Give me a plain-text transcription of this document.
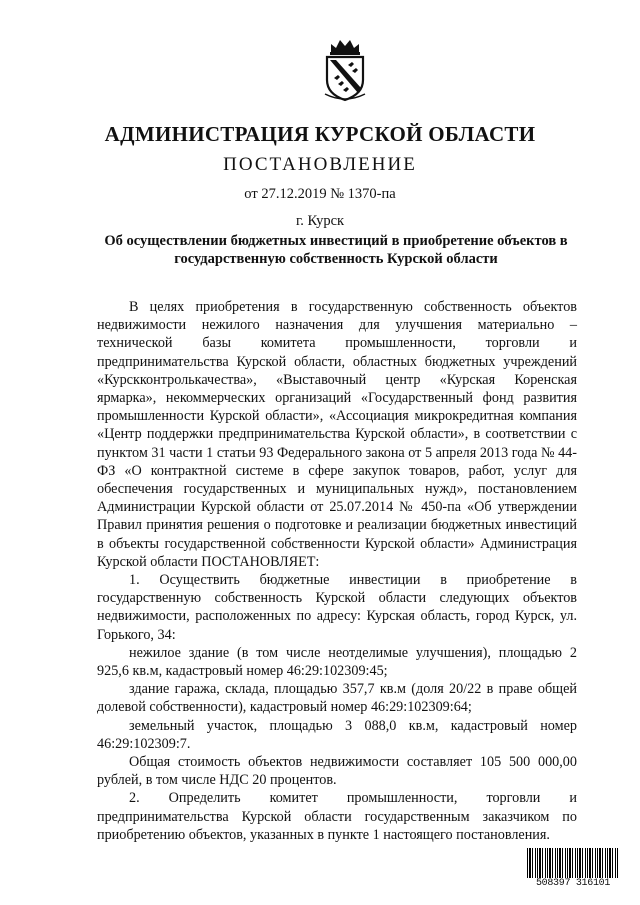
АДМИНИСТРАЦИЯ КУРСКОЙ ОБЛАСТИ
ПОСТАНОВЛЕНИЕ
от 27.12.2019 № 1370-па
г. Курск
Об осуществлении бюджетных инвестиций в приобретение объектов в государственную собственность Курской области

В целях приобретения в государственную собственность объектов недвижимости нежилого назначения для улучшения материально – технической базы комитета промышленности, торговли и предпринимательства Курской области, областных бюджетных учреждений «Курскконтролькачества», «Выставочный центр «Курская Коренская ярмарка», некоммерческих организаций «Государственный фонд развития промышленности Курской области», «Ассоциация микрокредитная компания «Центр поддержки предпринимательства Курской области», в соответствии с пунктом 31 части 1 статьи 93 Федерального закона от 5 апреля 2013 года № 44-ФЗ «О контрактной системе в сфере закупок товаров, работ, услуг для обеспечения государственных и муниципальных нужд», постановлением Администрации Курской области от 25.07.2014 № 450-па «Об утверждении Правил принятия решения о подготовке и реализации бюджетных инвестиций в объекты государственной собственности Курской области» Администрация Курской области ПОСТАНОВЛЯЕТ:

1. Осуществить бюджетные инвестиции в приобретение в государственную собственность Курской области следующих объектов недвижимости, расположенных по адресу: Курская область, город Курск, ул. Горького, 34:

нежилое здание (в том числе неотделимые улучшения), площадью 2 925,6 кв.м, кадастровый номер 46:29:102309:45;

здание гаража, склада, площадью 357,7 кв.м (доля 20/22 в праве общей долевой собственности), кадастровый номер 46:29:102309:64;

земельный участок, площадью 3 088,0 кв.м, кадастровый номер 46:29:102309:7.

Общая стоимость объектов недвижимости составляет 105 500 000,00 рублей, в том числе НДС 20 процентов.

2. Определить комитет промышленности, торговли и предпринимательства Курской области государственным заказчиком по приобретению объектов, указанных в пункте 1 настоящего постановления.

508397 316101
